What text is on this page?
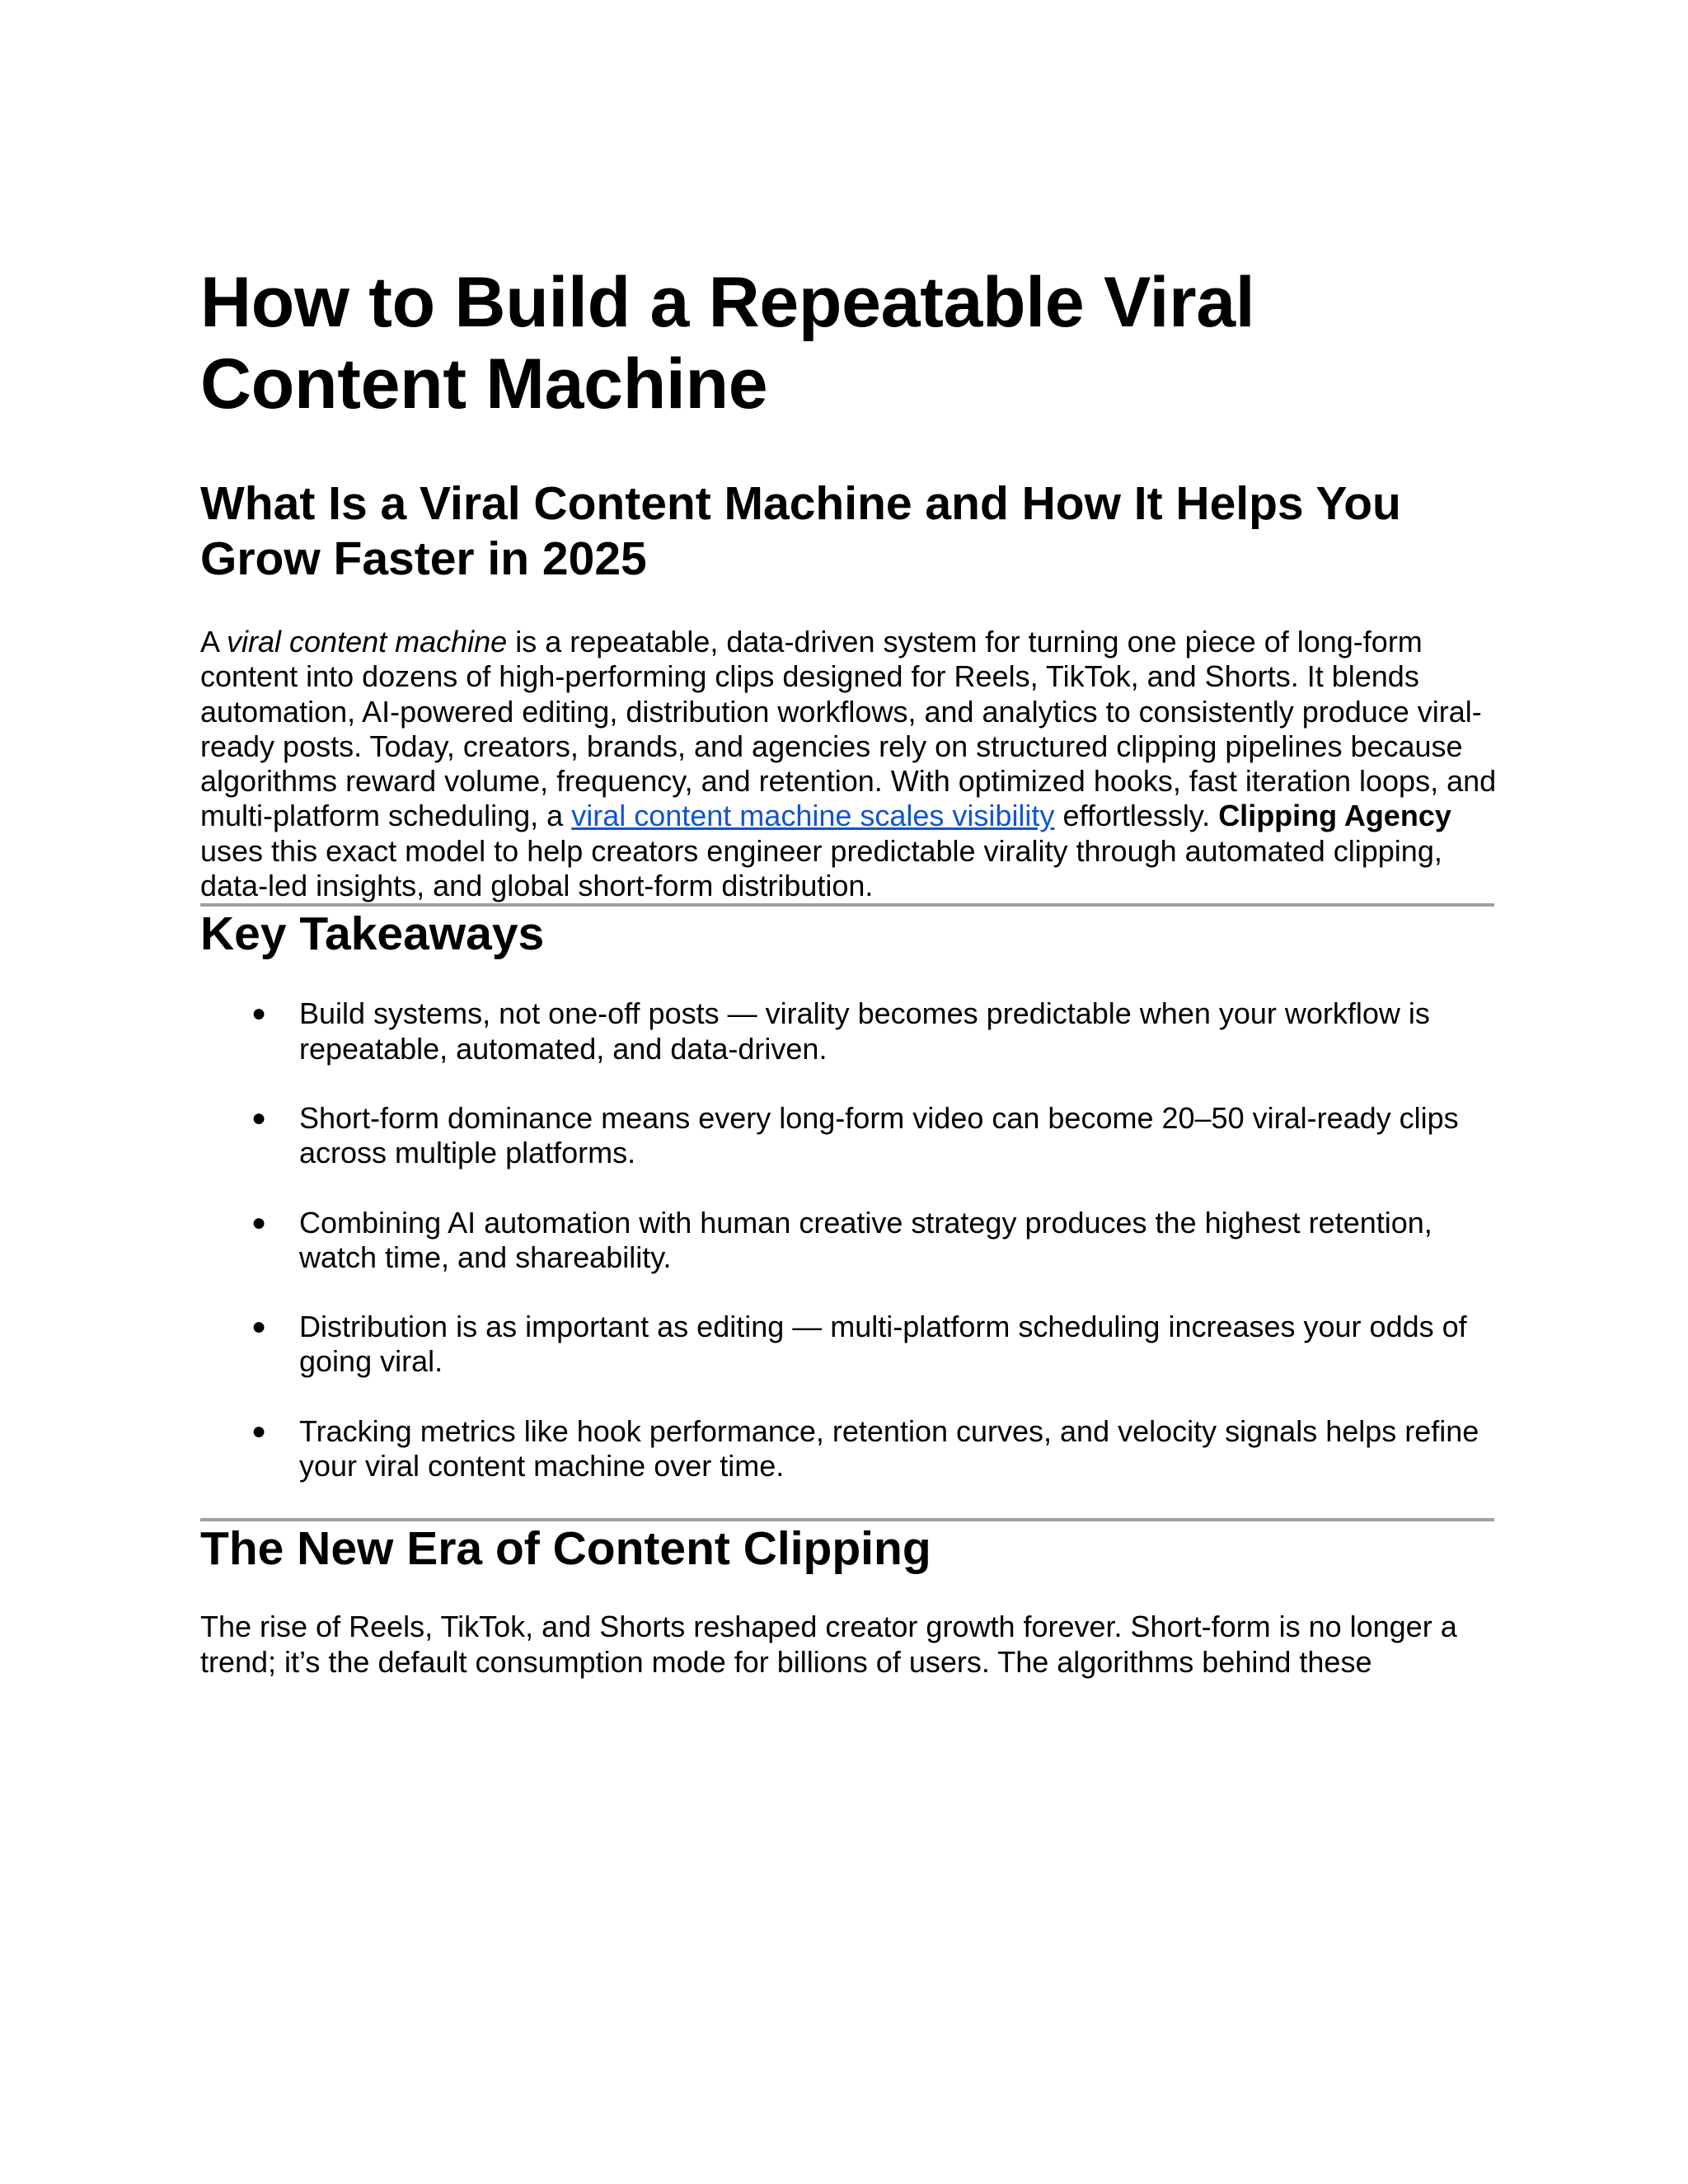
How to Build a Repeatable Viral Content Machine
What Is a Viral Content Machine and How It Helps You Grow Faster in 2025

A viral content machine is a repeatable, data-driven system for turning one piece of long-form content into dozens of high-performing clips designed for Reels, TikTok, and Shorts. It blends automation, AI-powered editing, distribution workflows, and analytics to consistently produce viral-ready posts. Today, creators, brands, and agencies rely on structured clipping pipelines because algorithms reward volume, frequency, and retention. With optimized hooks, fast iteration loops, and multi-platform scheduling, a viral content machine scales visibility effortlessly. Clipping Agency uses this exact model to help creators engineer predictable virality through automated clipping, data-led insights, and global short-form distribution.

Key Takeaways
● Build systems, not one-off posts — virality becomes predictable when your workflow is repeatable, automated, and data-driven.
● Short-form dominance means every long-form video can become 20–50 viral-ready clips across multiple platforms.
● Combining AI automation with human creative strategy produces the highest retention, watch time, and shareability.
● Distribution is as important as editing — multi-platform scheduling increases your odds of going viral.
● Tracking metrics like hook performance, retention curves, and velocity signals helps refine your viral content machine over time.
The New Era of Content Clipping

The rise of Reels, TikTok, and Shorts reshaped creator growth forever. Short-form is no longer a trend; it’s the default consumption mode for billions of users. The algorithms behind these
